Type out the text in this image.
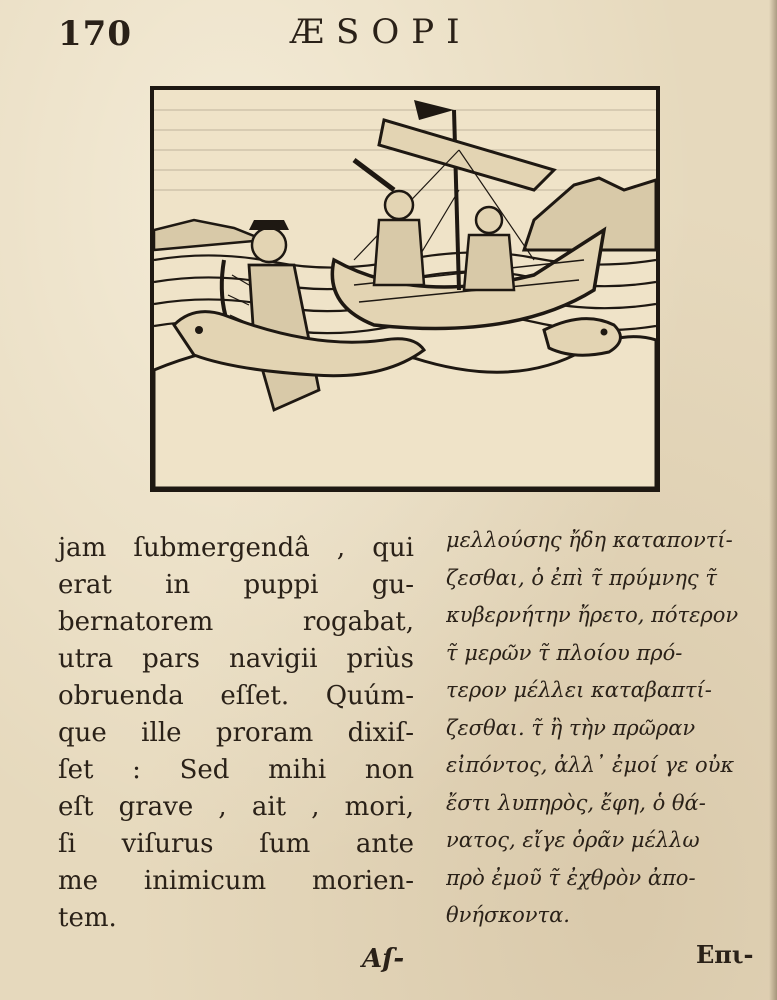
170	ÆSOPI
jam ſubmergendâ , qui
erat in puppi gu-
bernatorem rogabat,
utra pars navigii priùs
obruenda eſſet. Quúm-
que ille proram dixiſ-
ſet : Sed mihi non
eſt grave , ait , mori,
ſi viſurus ſum ante
me inimicum morien-
tem.
μελλούσης ἤδη καταποντί-
ζεσθαι, ὁ ἐπὶ τ̃ πρύμνης τ̃
κυβερνήτην ἤρετο, πότερον
τ̃ μερῶν τ̃ πλοίου πρό-
τερον μέλλει καταβαπτί-
ζεσθαι. τ̃ ἢ τὴν πρῶραν
εἰπόντος, ἀλλ᾽ ἐμοί γε οὐκ
ἔστι λυπηρὸς, ἔφη, ὁ θά-
νατος, εἴγε ὁρᾶν μέλλω
πρὸ ἐμοῦ τ̃ ἐχθρὸν ἀπο-
θνήσκοντα.
Aſ-	Επι-
